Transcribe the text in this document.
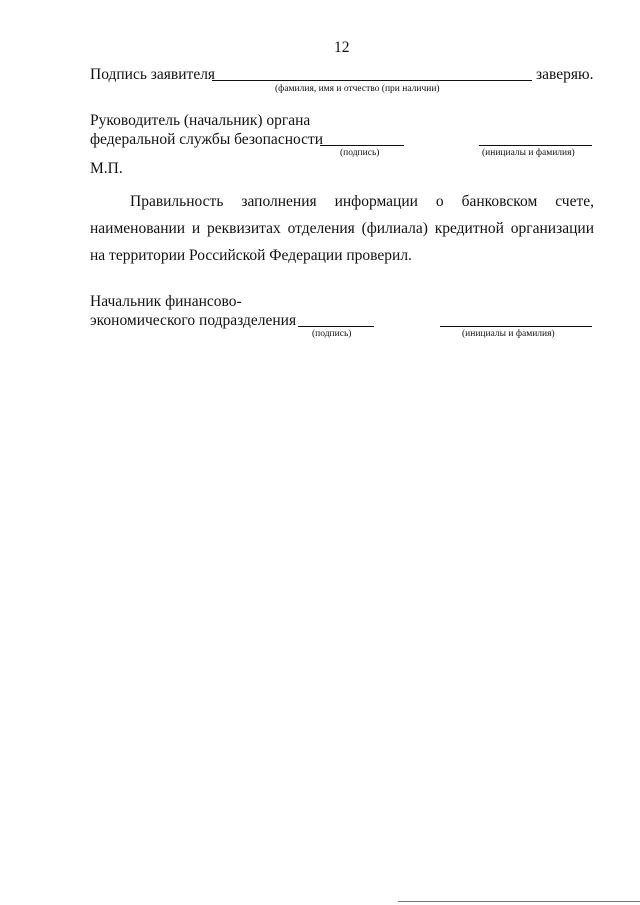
12
Подпись заявителя	заверяю.
(фамилия, имя и отчество (при наличии)
Руководитель (начальник) органа
федеральной службы безопасности
(подпись)	(инициалы и фамилия)
М.П.
Правильность заполнения информации о банковском счете, наименовании и реквизитах отделения (филиала) кредитной организации на территории Российской Федерации проверил.
Начальник финансово-
экономического подразделения
(подпись)	(инициалы и фамилия)
